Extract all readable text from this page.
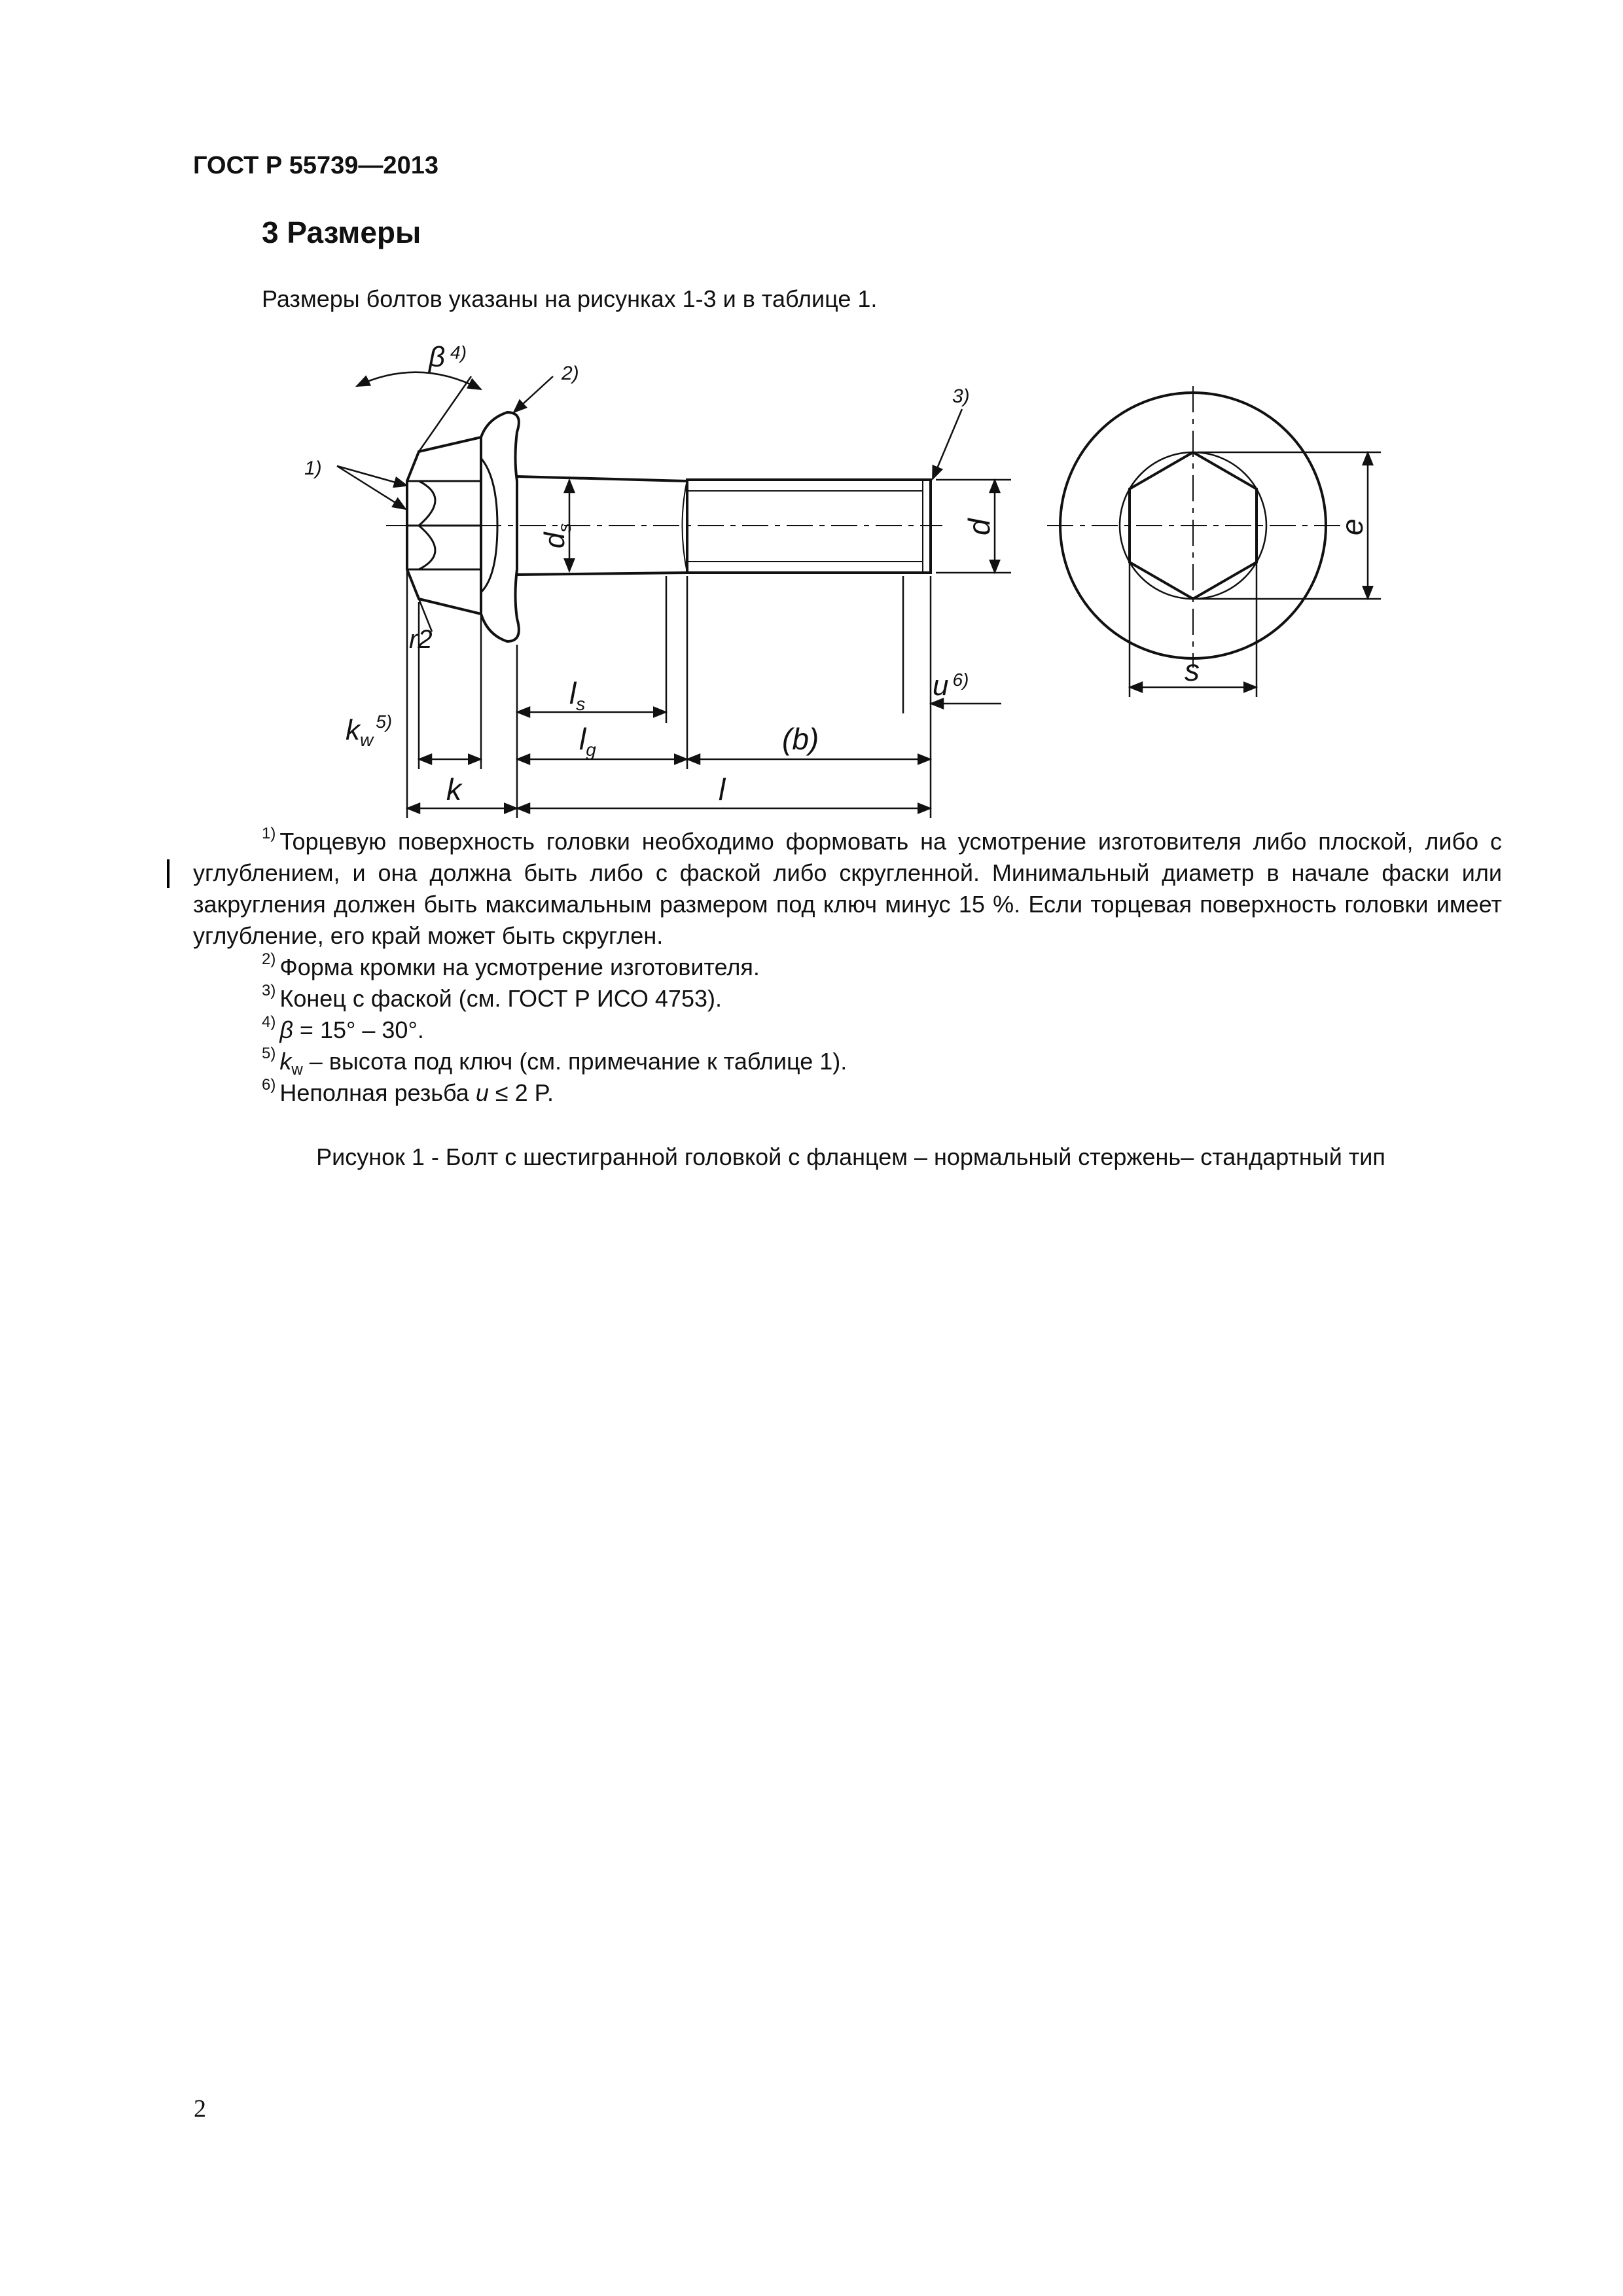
ГОСТ Р 55739—2013
3 Размеры
Размеры болтов указаны на рисунках 1-3 и в таблице 1.
β 4)
2)
3)
1)
r2
$d_s$	d	e
s
$l_s$
u $^{6)}$
$k_w^{5)}$
$l_g$	(b)
k	l

$^{1)}$ Торцевую поверхность головки необходимо формовать на усмотрение изготовителя либо плоской, либо с углублением, и она должна быть либо с фаской либо скругленной. Минимальный диаметр в начале фаски или закругления должен быть максимальным размером под ключ минус 15 %. Если торцевая поверхность головки имеет углубление, его край может быть скруглен.

$^{2)}$ Форма кромки на усмотрение изготовителя.

$^{3)}$ Конец с фаской (см. ГОСТ Р ИСО 4753).

$^{4)}$ β = 15° – 30°.

$^{5)}$ $k_w$ – высота под ключ (см. примечание к таблице 1).

$^{6)}$ Неполная резьба u ≤ 2 P.

Рисунок 1 - Болт с шестигранной головкой с фланцем – нормальный стержень– стандартный тип
2
